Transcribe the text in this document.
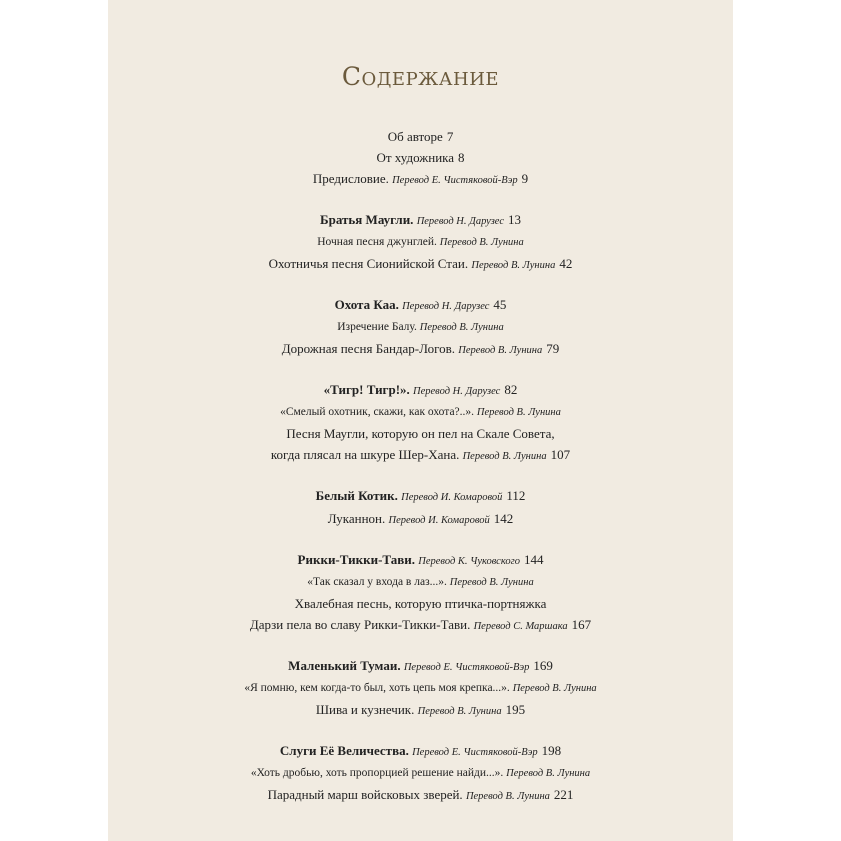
Содержание
Об авторе 7
От художника 8
Предисловие. Перевод Е. Чистяковой-Вэр 9
Братья Маугли. Перевод Н. Дарузес 13
Ночная песня джунглей. Перевод В. Лунина
Охотничья песня Сионийской Стаи. Перевод В. Лунина 42
Охота Каа. Перевод Н. Дарузес 45
Изречение Балу. Перевод В. Лунина
Дорожная песня Бандар-Логов. Перевод В. Лунина 79
«Тигр! Тигр!». Перевод Н. Дарузес 82
«Смелый охотник, скажи, как охота?..». Перевод В. Лунина
Песня Маугли, которую он пел на Скале Совета,
когда плясал на шкуре Шер-Хана. Перевод В. Лунина 107
Белый Котик. Перевод И. Комаровой 112
Луканнон. Перевод И. Комаровой 142
Рикки-Тикки-Тави. Перевод К. Чуковского 144
«Так сказал у входа в лаз...». Перевод В. Лунина
Хвалебная песнь, которую птичка-портняжка
Дарзи пела во славу Рикки-Тикки-Тави. Перевод С. Маршака 167
Маленький Тумаи. Перевод Е. Чистяковой-Вэр 169
«Я помню, кем когда-то был, хоть цепь моя крепка...». Перевод В. Лунина
Шива и кузнечик. Перевод В. Лунина 195
Слуги Её Величества. Перевод Е. Чистяковой-Вэр 198
«Хоть дробью, хоть пропорцией решение найди...». Перевод В. Лунина
Парадный марш войсковых зверей. Перевод В. Лунина 221
